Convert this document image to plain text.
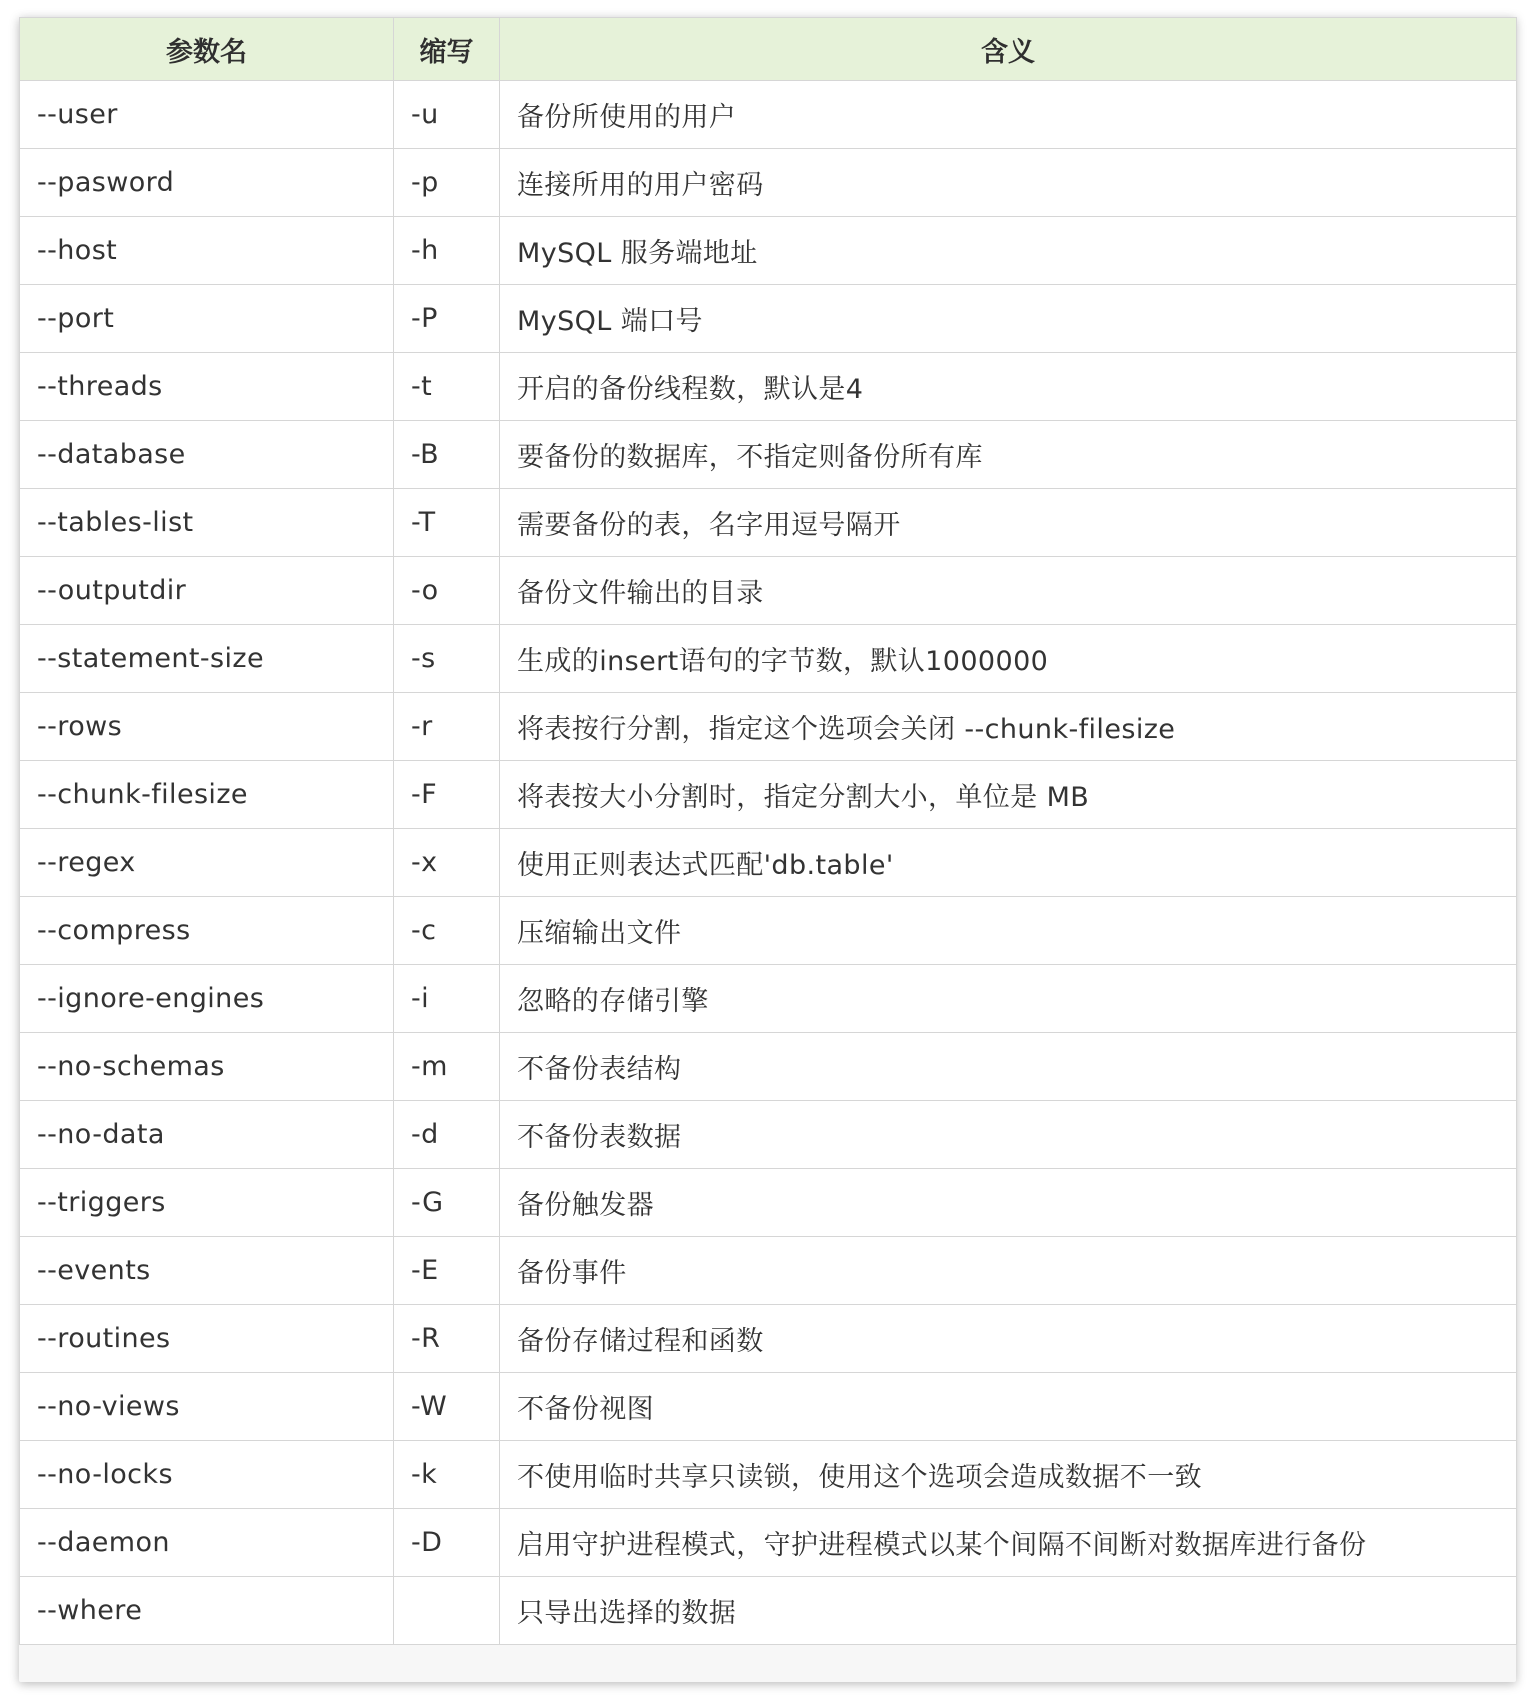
参数名	缩写	含义
--user	-u	备份所使用的用户
--pasword	-p	连接所用的用户密码
--host	-h	MySQL 服务端地址
--port	-P	MySQL 端口号
--threads	-t	开启的备份线程数，默认是4
--database	-B	要备份的数据库，不指定则备份所有库
--tables-list	-T	需要备份的表，名字用逗号隔开
--outputdir	-o	备份文件输出的目录
--statement-size	-s	生成的insert语句的字节数，默认1000000
--rows	-r	将表按行分割，指定这个选项会关闭 --chunk-filesize
--chunk-filesize	-F	将表按大小分割时，指定分割大小，单位是 MB
--regex	-x	使用正则表达式匹配'db.table'
--compress	-c	压缩输出文件
--ignore-engines	-i	忽略的存储引擎
--no-schemas	-m	不备份表结构
--no-data	-d	不备份表数据
--triggers	-G	备份触发器
--events	-E	备份事件
--routines	-R	备份存储过程和函数
--no-views	-W	不备份视图
--no-locks	-k	不使用临时共享只读锁，使用这个选项会造成数据不一致
--daemon	-D	启用守护进程模式，守护进程模式以某个间隔不间断对数据库进行备份
--where		只导出选择的数据
